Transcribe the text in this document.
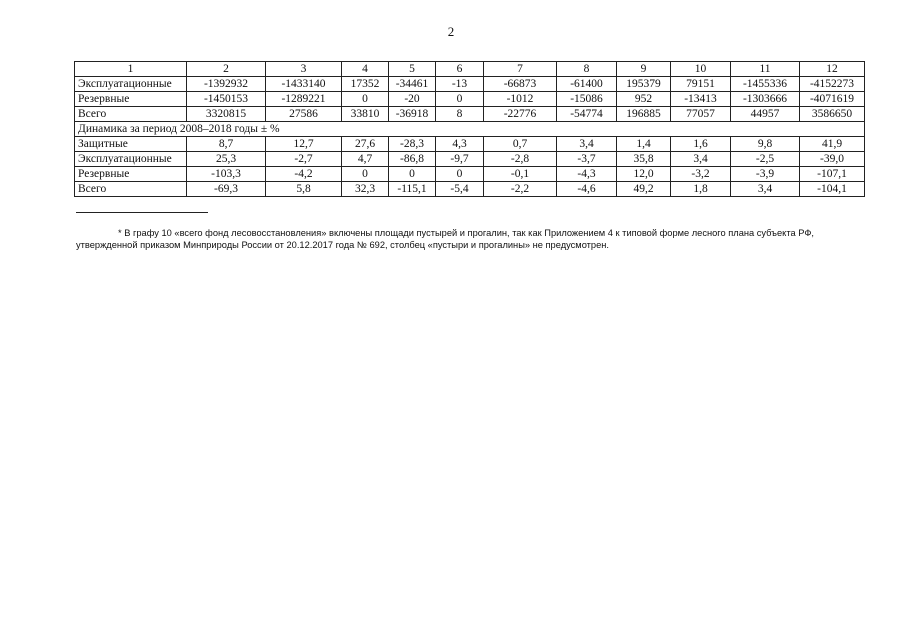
2
1	2	3	4	5	6	7	8	9	10	11	12
Эксплуатационные	-1392932	-1433140	17352	-34461	-13	-66873	-61400	195379	79151	-1455336	-4152273
Резервные	-1450153	-1289221	0	-20	0	-1012	-15086	952	-13413	-1303666	-4071619
Всего	3320815	27586	33810	-36918	8	-22776	-54774	196885	77057	44957	3586650
Динамика за период 2008–2018 годы ± %											
Защитные	8,7	12,7	27,6	-28,3	4,3	0,7	3,4	1,4	1,6	9,8	41,9
Эксплуатационные	25,3	-2,7	4,7	-86,8	-9,7	-2,8	-3,7	35,8	3,4	-2,5	-39,0
Резервные	-103,3	-4,2	0	0	0	-0,1	-4,3	12,0	-3,2	-3,9	-107,1
Всего	-69,3	5,8	32,3	-115,1	-5,4	-2,2	-4,6	49,2	1,8	3,4	-104,1
* В графу 10 «всего фонд лесовосстановления» включены площади пустырей и прогалин, так как Приложением 4 к типовой форме лесного плана субъекта РФ,
утвержденной приказом Минприроды России от 20.12.2017 года № 692, столбец «пустыри и прогалины» не предусмотрен.
